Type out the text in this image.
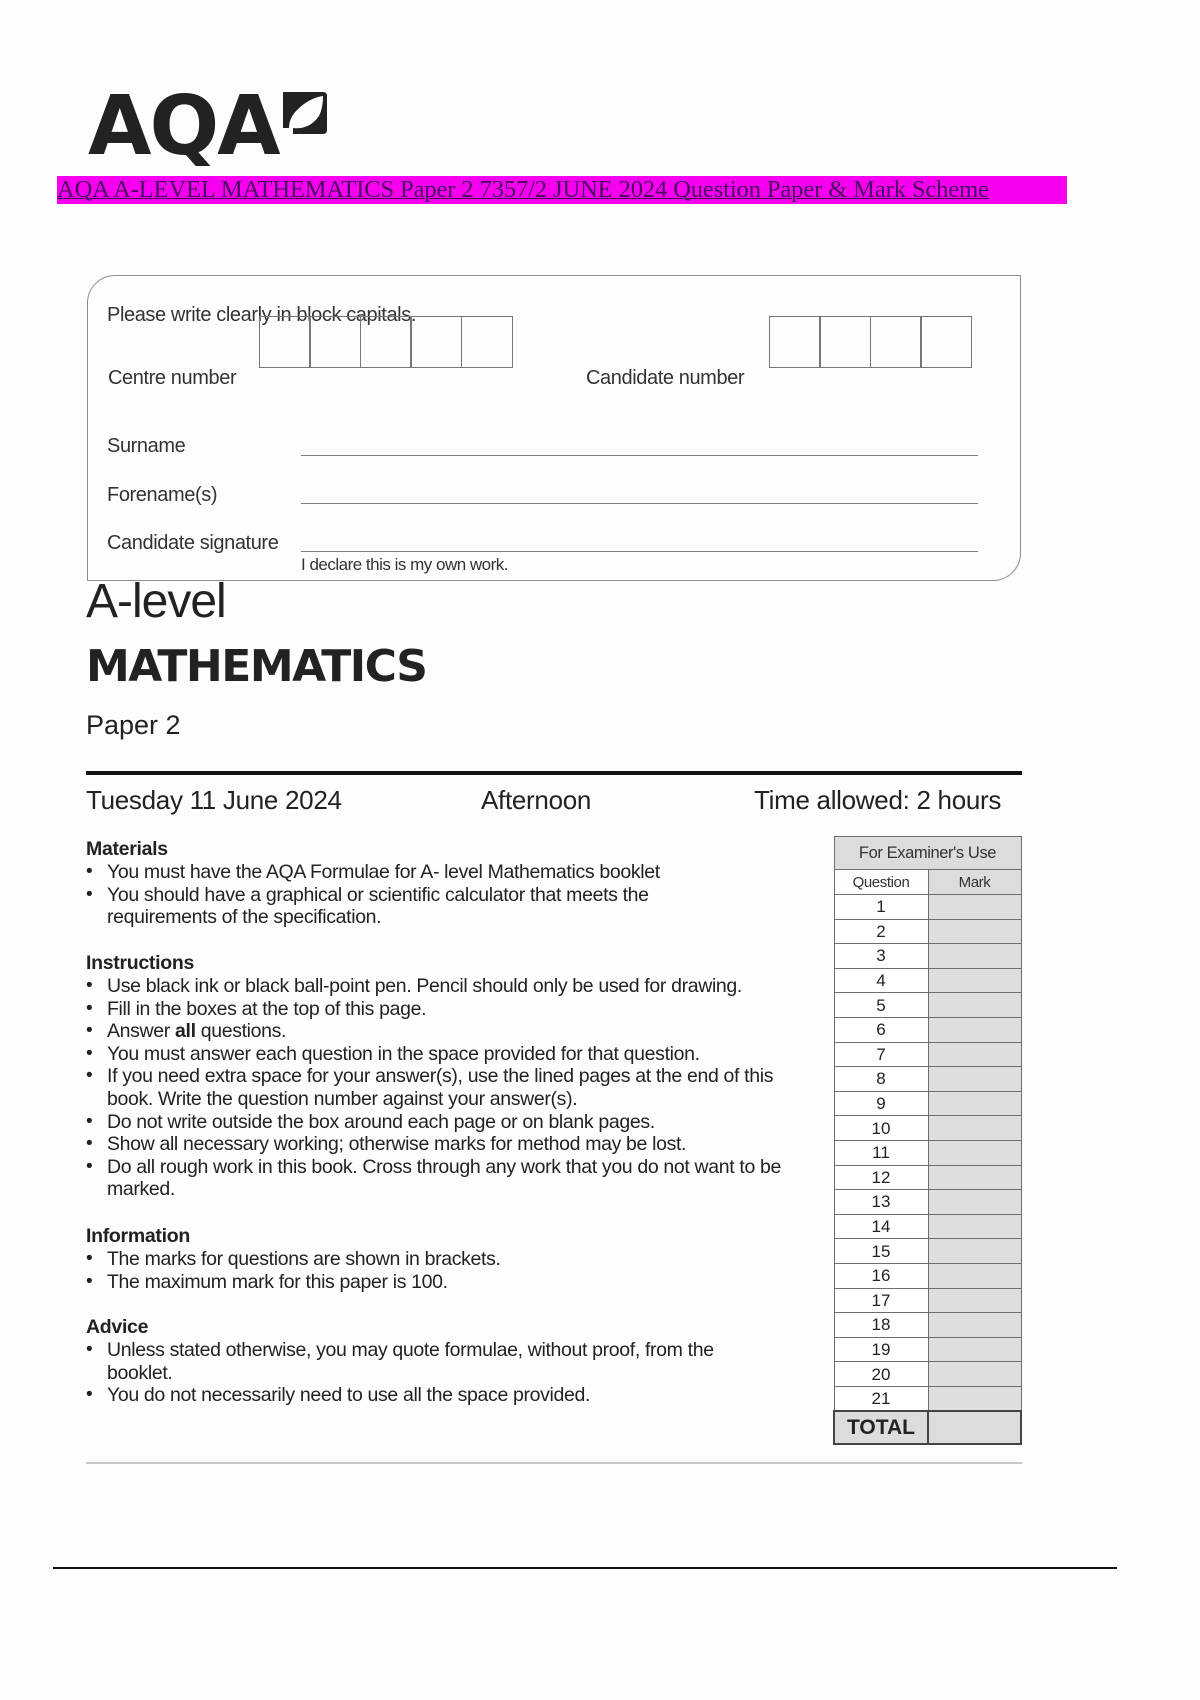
AQA
AQA A-LEVEL MATHEMATICS Paper 2 7357/2 JUNE 2024 Question Paper & Mark Scheme
Please write clearly in block capitals.
Centre number	Candidate number
Surname
Forename(s)
Candidate signature
I declare this is my own work.
A-level
MATHEMATICS
Paper 2
Tuesday 11 June 2024	Afternoon	Time allowed: 2 hours
Materials
• You must have the AQA Formulae for A- level Mathematics booklet
• You should have a graphical or scientific calculator that meets the requirements of the specification.
Instructions
• Use black ink or black ball-point pen. Pencil should only be used for drawing.
• Fill in the boxes at the top of this page.
• Answer all questions.
• You must answer each question in the space provided for that question.
• If you need extra space for your answer(s), use the lined pages at the end of this book. Write the question number against your answer(s).
• Do not write outside the box around each page or on blank pages.
• Show all necessary working; otherwise marks for method may be lost.
• Do all rough work in this book. Cross through any work that you do not want to be marked.
Information
• The marks for questions are shown in brackets.
• The maximum mark for this paper is 100.
Advice
• Unless stated otherwise, you may quote formulae, without proof, from the booklet.
• You do not necessarily need to use all the space provided.
For Examiner's Use	
Question	Mark
1	
2	
3	
4	
5	
6	
7	
8	
9	
10	
11	
12	
13	
14	
15	
16	
17	
18	
19	
20	
21	
TOTAL	
